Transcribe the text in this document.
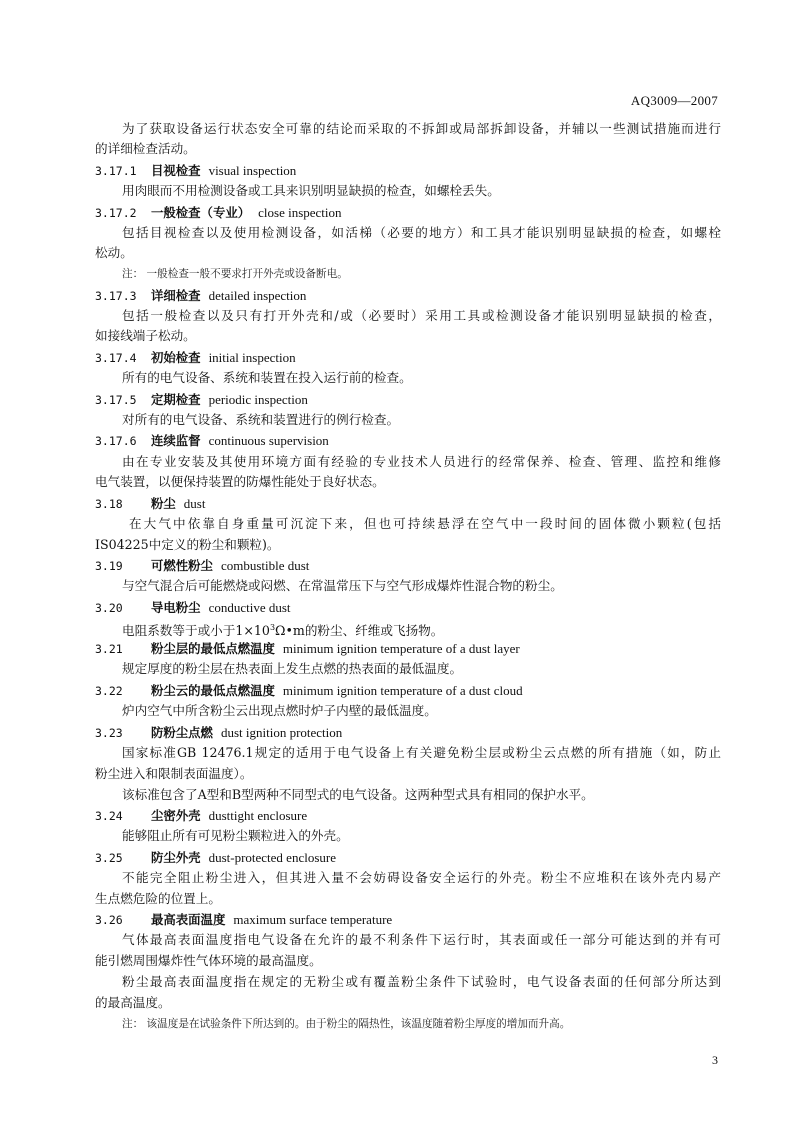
AQ3009—2007
为了获取设备运行状态安全可靠的结论而采取的不拆卸或局部拆卸设备，并辅以一些测试措施而进行
的详细检查活动。
3.17.1 目视检查 visual inspection
用肉眼而不用检测设备或工具来识别明显缺损的检查，如螺栓丢失。
3.17.2 一般检查（专业） close inspection
包括目视检查以及使用检测设备，如活梯（必要的地方）和工具才能识别明显缺损的检查，如螺栓
松动。
注： 一般检查一般不要求打开外壳或设备断电。
3.17.3 详细检查 detailed inspection
包括一般检查以及只有打开外壳和/或（必要时）采用工具或检测设备才能识别明显缺损的检查，
如接线端子松动。
3.17.4 初始检查 initial inspection
所有的电气设备、系统和装置在投入运行前的检查。
3.17.5 定期检查 periodic inspection
对所有的电气设备、系统和装置进行的例行检查。
3.17.6 连续监督 continuous supervision
由在专业安装及其使用环境方面有经验的专业技术人员进行的经常保养、检查、管理、监控和维修
电气装置，以便保持装置的防爆性能处于良好状态。
3.18 粉尘 dust
在大气中依靠自身重量可沉淀下来，但也可持续悬浮在空气中一段时间的固体微小颗粒(包括
IS04225中定义的粉尘和颗粒)。
3.19 可燃性粉尘 combustible dust
与空气混合后可能燃烧或闷燃、在常温常压下与空气形成爆炸性混合物的粉尘。
3.20 导电粉尘 conductive dust
电阻系数等于或小于$1\times 10^3\Omega•m$的粉尘、纤维或飞扬物。
3.21 粉尘层的最低点燃温度 minimum ignition temperature of a dust layer
规定厚度的粉尘层在热表面上发生点燃的热表面的最低温度。
3.22 粉尘云的最低点燃温度 minimum ignition temperature of a dust cloud
炉内空气中所含粉尘云出现点燃时炉子内壁的最低温度。
3.23 防粉尘点燃 dust ignition protection
国家标准GB 12476.1规定的适用于电气设备上有关避免粉尘层或粉尘云点燃的所有措施（如，防止
粉尘进入和限制表面温度）。
该标准包含了A型和B型两种不同型式的电气设备。这两种型式具有相同的保护水平。
3.24 尘密外壳 dusttight enclosure
能够阻止所有可见粉尘颗粒进入的外壳。
3.25 防尘外壳 dust-protected enclosure
不能完全阻止粉尘进入，但其进入量不会妨碍设备安全运行的外壳。粉尘不应堆积在该外壳内易产
生点燃危险的位置上。
3.26 最高表面温度 maximum surface temperature
气体最高表面温度指电气设备在允许的最不利条件下运行时，其表面或任一部分可能达到的并有可
能引燃周围爆炸性气体环境的最高温度。
粉尘最高表面温度指在规定的无粉尘或有覆盖粉尘条件下试验时，电气设备表面的任何部分所达到
的最高温度。
注： 该温度是在试验条件下所达到的。由于粉尘的隔热性，该温度随着粉尘厚度的增加而升高。
3
